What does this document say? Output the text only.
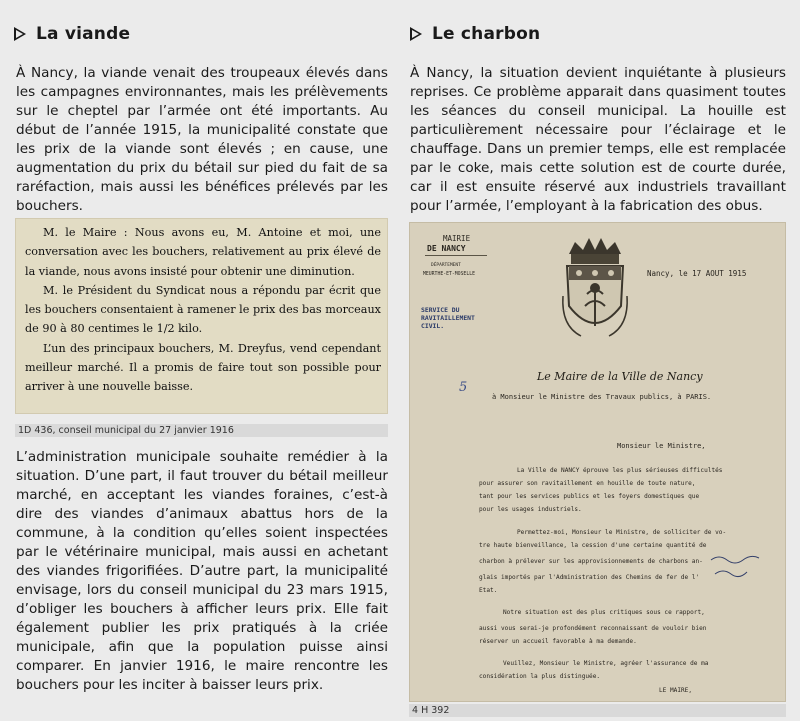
La viande
À Nancy, la viande venait des troupeaux élevés dans les campagnes environnantes, mais les prélèvements sur le cheptel par l’armée ont été importants. Au début de l’année 1915, la municipalité constate que les prix de la viande sont élevés ; en cause, une augmentation du prix du bétail sur pied du fait de sa raréfaction, mais aussi les bénéfices prélevés par les bouchers.

M. le Maire : Nous avons eu, M. Antoine et moi, une conversation avec les bouchers, relativement au prix élevé de la viande, nous avons insisté pour obtenir une diminution.

M. le Président du Syndicat nous a répondu par écrit que les bouchers consentaient à ramener le prix des bas morceaux de 90 à 80 centimes le 1/2 kilo.

L’un des principaux bouchers, M. Dreyfus, vend cependant meilleur marché. Il a promis de faire tout son possible pour arriver à une nouvelle baisse.

1D 436, conseil municipal du 27 janvier 1916
L’administration municipale souhaite remédier à la situation. D’une part, il faut trouver du bétail meilleur marché, en acceptant les viandes foraines, c’est-à dire des viandes d’animaux abattus hors de la commune, à la condition qu’elles soient inspectées par le vétérinaire municipal, mais aussi en achetant des viandes frigorifiées. D’autre part, la municipalité envisage, lors du conseil municipal du 23 mars 1915, d’obliger les bouchers à afficher leurs prix. Elle fait également publier les prix pratiqués à la criée municipale, afin que la population puisse ainsi comparer. En janvier 1916, le maire rencontre les bouchers pour les inciter à baisser leurs prix.
Le charbon
À Nancy, la situation devient inquiétante à plusieurs reprises. Ce problème apparait dans quasiment toutes les séances du conseil municipal. La houille est particulièrement nécessaire pour l’éclairage et le chauffage. Dans un premier temps, elle est remplacée par le coke, mais cette solution est de courte durée, car il est ensuite réservé aux industriels travaillant pour l’armée, l’employant à la fabrication des obus.
MAIRIE
DE NANCY
DÉPARTEMENT
MEURTHE-ET-MOSELLE
SERVICE DU RAVITAILLEMENT CIVIL.
Nancy, le 17 AOUT 1915
Le Maire de la Ville de Nancy
à Monsieur le Ministre des Travaux publics, à PARIS.
5
Monsieur le Ministre,
La Ville de NANCY éprouve les plus sérieuses difficultés
pour assurer son ravitaillement en houille de toute nature,
tant pour les services publics et les foyers domestiques que
pour les usages industriels.
Permettez-moi, Monsieur le Ministre, de solliciter de vo-
tre haute bienveillance, la cession d'une certaine quantité de
charbon à prélever sur les approvisionnements de charbons an-
glais importés par l'Administration des Chemins de fer de l'
Etat.
Notre situation est des plus critiques sous ce rapport,
aussi vous serai-je profondément reconnaissant de vouloir bien
réserver un accueil favorable à ma demande.
Veuillez, Monsieur le Ministre, agréer l'assurance de ma
considération la plus distinguée.
LE MAIRE,
4 H 392
